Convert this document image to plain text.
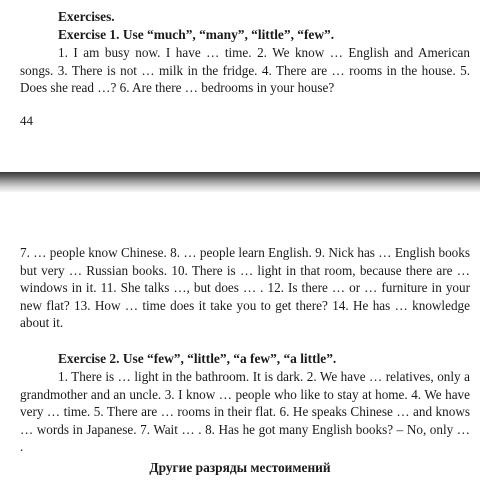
Exercises.
Exercise 1. Use “much”, “many”, “little”, “few”.
1. I am busy now. I have … time. 2. We know … English and American songs. 3. There is not … milk in the fridge. 4. There are … rooms in the house. 5. Does she read …? 6. Are there … bedrooms in your house?
44
7. … people know Chinese. 8. … people learn English. 9. Nick has … English books but very … Russian books. 10. There is … light in that room, because there are … windows in it. 11. She talks …, but does … . 12. Is there … or … furniture in your new flat? 13. How … time does it take you to get there? 14. He has … knowledge about it.
Exercise 2. Use “few”, “little”, “a few”, “a little”.
1. There is … light in the bathroom. It is dark. 2. We have … relatives, only a grandmother and an uncle. 3. I know … people who like to stay at home. 4. We have very … time. 5. There are … rooms in their flat. 6. He speaks Chinese … and knows … words in Japanese. 7. Wait … . 8. Has he got many English books? – No, only … .
Другие разряды местоимений
